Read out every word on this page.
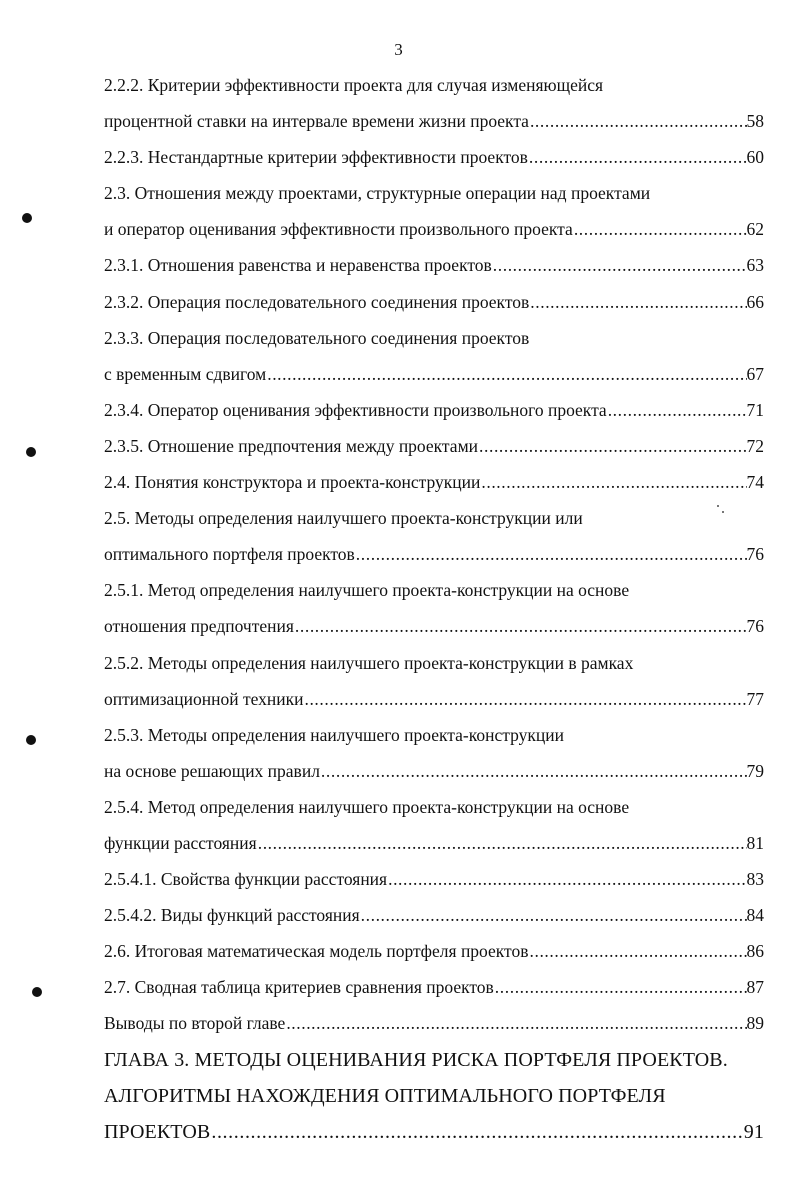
3
2.2.2. Критерии эффективности проекта для случая изменяющейся
процентной ставки на интервале времени жизни проекта .....	58
2.2.3. Нестандартные критерии эффективности проектов .....	60
2.3. Отношения между проектами, структурные операции над проектами
и оператор оценивания эффективности произвольного проекта .....	62
2.3.1. Отношения равенства и неравенства проектов .....	63
2.3.2. Операция последовательного соединения проектов .....	66
2.3.3. Операция последовательного соединения проектов
с временным сдвигом .....	67
2.3.4. Оператор оценивания эффективности произвольного проекта .....	71
2.3.5. Отношение предпочтения между проектами .....	72
2.4. Понятия конструктора и проекта-конструкции .....	74
2.5. Методы определения наилучшего проекта-конструкции или
оптимального портфеля проектов .....	76
2.5.1. Метод определения наилучшего проекта-конструкции на основе
отношения предпочтения .....	76
2.5.2. Методы определения наилучшего проекта-конструкции в рамках
оптимизационной техники .....	77
2.5.3. Методы определения наилучшего проекта-конструкции
на основе решающих правил .....	79
2.5.4. Метод определения наилучшего проекта-конструкции на основе
функции расстояния .....	81
2.5.4.1. Свойства функции расстояния .....	83
2.5.4.2. Виды функций расстояния .....	84
2.6. Итоговая математическая модель портфеля проектов .....	86
2.7. Сводная таблица критериев сравнения проектов .....	87
Выводы по второй главе .....	89
ГЛАВА 3. МЕТОДЫ ОЦЕНИВАНИЯ РИСКА ПОРТФЕЛЯ ПРОЕКТОВ.
АЛГОРИТМЫ НАХОЖДЕНИЯ ОПТИМАЛЬНОГО ПОРТФЕЛЯ
ПРОЕКТОВ .....	91
